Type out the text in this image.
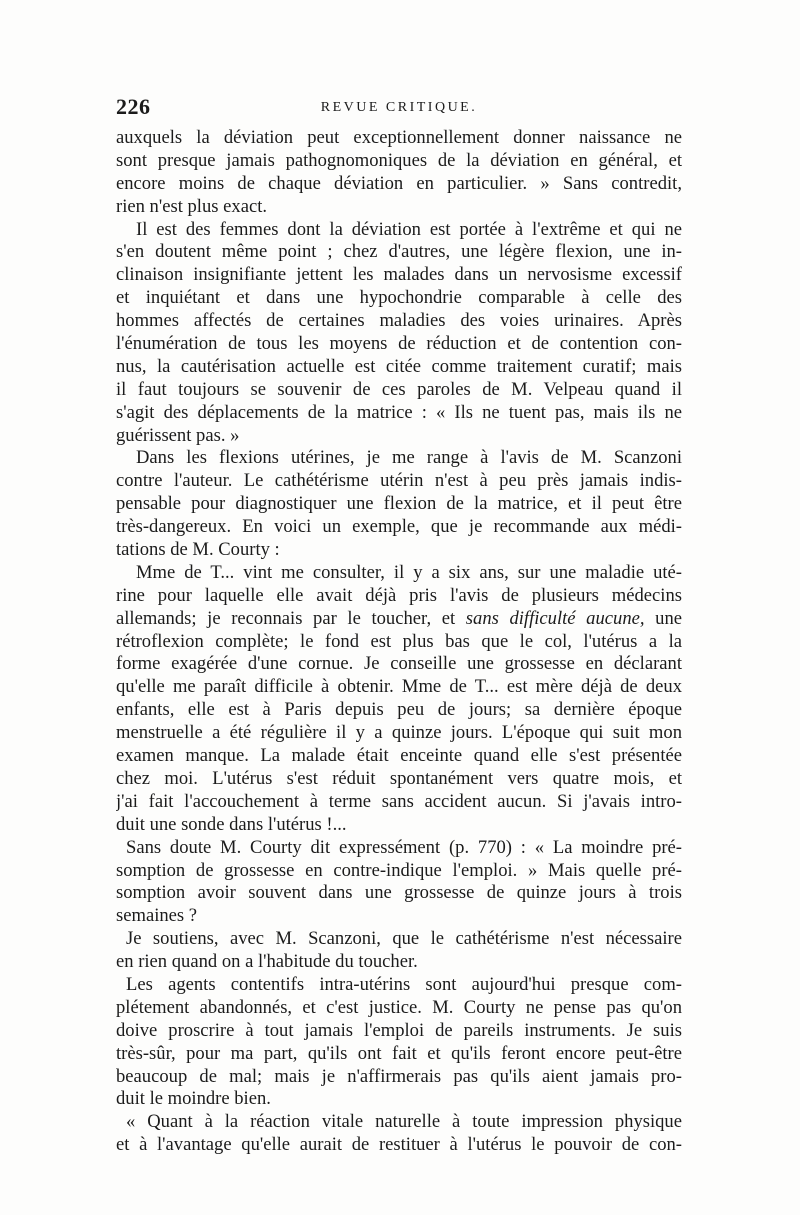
226	REVUE CRITIQUE.
auxquels la déviation peut exceptionnellement donner naissance ne
sont presque jamais pathognomoniques de la déviation en général, et
encore moins de chaque déviation en particulier. » Sans contredit,
rien n'est plus exact.
Il est des femmes dont la déviation est portée à l'extrême et qui ne
s'en doutent même point ; chez d'autres, une légère flexion, une in-
clinaison insignifiante jettent les malades dans un nervosisme excessif
et inquiétant et dans une hypochondrie comparable à celle des
hommes affectés de certaines maladies des voies urinaires. Après
l'énumération de tous les moyens de réduction et de contention con-
nus, la cautérisation actuelle est citée comme traitement curatif; mais
il faut toujours se souvenir de ces paroles de M. Velpeau quand il
s'agit des déplacements de la matrice : « Ils ne tuent pas, mais ils ne
guérissent pas. »
Dans les flexions utérines, je me range à l'avis de M. Scanzoni
contre l'auteur. Le cathétérisme utérin n'est à peu près jamais indis-
pensable pour diagnostiquer une flexion de la matrice, et il peut être
très-dangereux. En voici un exemple, que je recommande aux médi-
tations de M. Courty :
Mme de T... vint me consulter, il y a six ans, sur une maladie uté-
rine pour laquelle elle avait déjà pris l'avis de plusieurs médecins
allemands; je reconnais par le toucher, et sans difficulté aucune, une
rétroflexion complète; le fond est plus bas que le col, l'utérus a la
forme exagérée d'une cornue. Je conseille une grossesse en déclarant
qu'elle me paraît difficile à obtenir. Mme de T... est mère déjà de deux
enfants, elle est à Paris depuis peu de jours; sa dernière époque
menstruelle a été régulière il y a quinze jours. L'époque qui suit mon
examen manque. La malade était enceinte quand elle s'est présentée
chez moi. L'utérus s'est réduit spontanément vers quatre mois, et
j'ai fait l'accouchement à terme sans accident aucun. Si j'avais intro-
duit une sonde dans l'utérus !...
Sans doute M. Courty dit expressément (p. 770) : « La moindre pré-
somption de grossesse en contre-indique l'emploi. » Mais quelle pré-
somption avoir souvent dans une grossesse de quinze jours à trois
semaines ?
Je soutiens, avec M. Scanzoni, que le cathétérisme n'est nécessaire
en rien quand on a l'habitude du toucher.
Les agents contentifs intra-utérins sont aujourd'hui presque com-
plétement abandonnés, et c'est justice. M. Courty ne pense pas qu'on
doive proscrire à tout jamais l'emploi de pareils instruments. Je suis
très-sûr, pour ma part, qu'ils ont fait et qu'ils feront encore peut-être
beaucoup de mal; mais je n'affirmerais pas qu'ils aient jamais pro-
duit le moindre bien.
« Quant à la réaction vitale naturelle à toute impression physique
et à l'avantage qu'elle aurait de restituer à l'utérus le pouvoir de con-
